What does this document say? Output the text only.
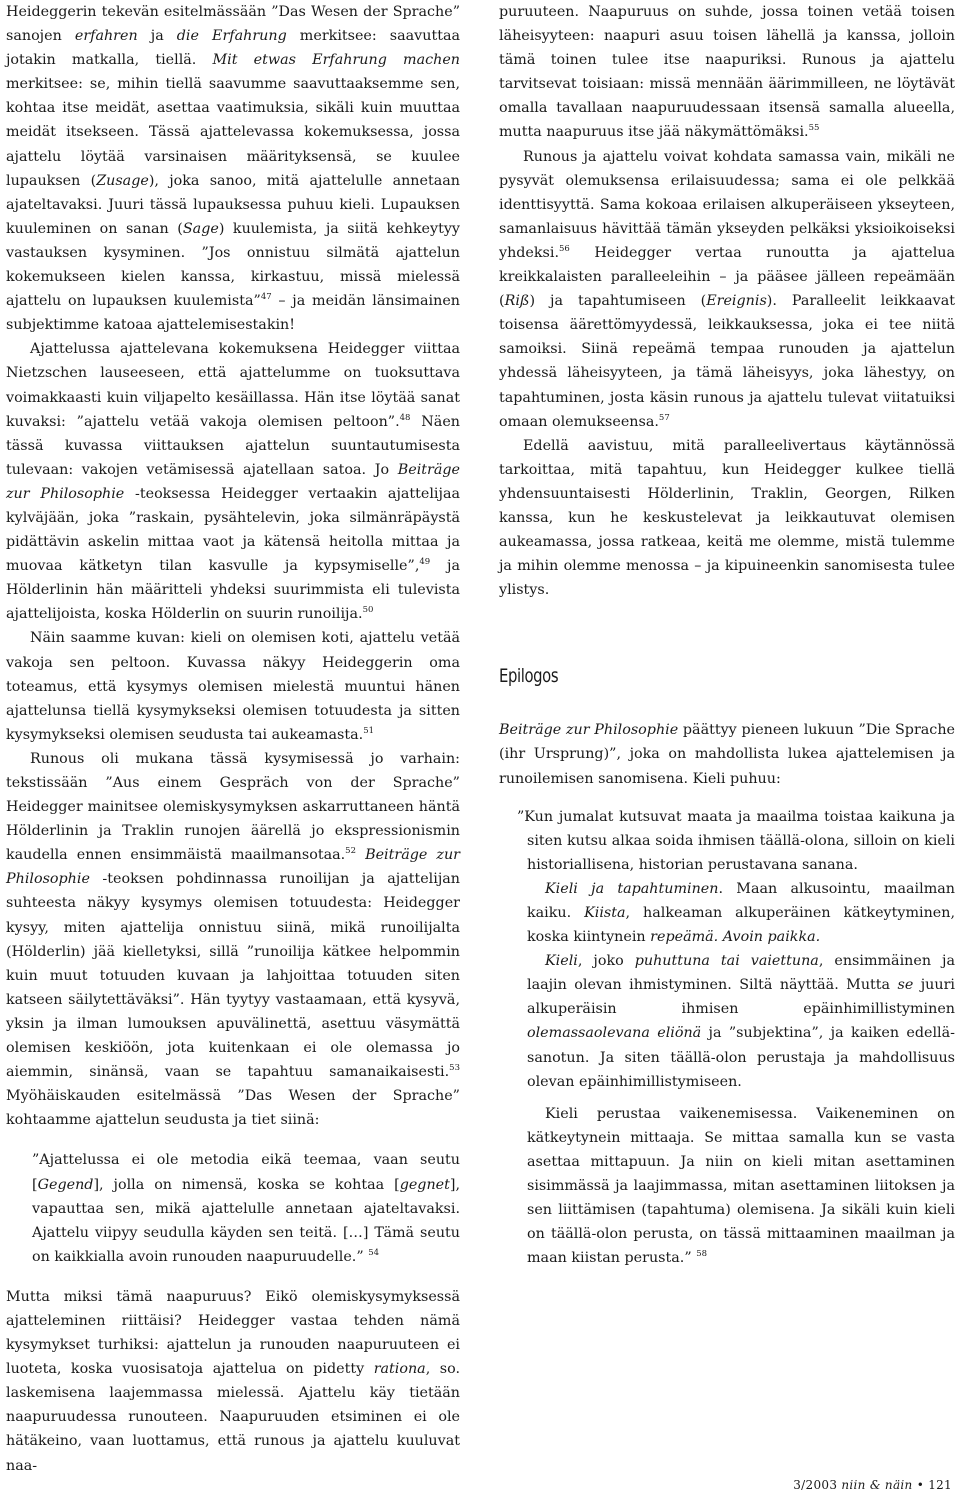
Heideggerin tekevän esitelmässään ”Das Wesen der Sprache” sanojen erfahren ja die Erfahrung merkitsee: saavuttaa jotakin matkalla, tiellä. Mit etwas Erfahrung machen merkitsee: se, mihin tiellä saavumme saavuttaaksemme sen, kohtaa itse meidät, asettaa vaatimuksia, sikäli kuin muuttaa meidät itsekseen. Tässä ajattelevassa kokemuksessa, jossa ajattelu löytää varsinaisen määrityksensä, se kuulee lupauksen (Zusage), joka sanoo, mitä ajattelulle annetaan ajateltavaksi. Juuri tässä lupauksessa puhuu kieli. Lupauksen kuuleminen on sanan (Sage) kuulemista, ja siitä kehkeytyy vastauksen kysyminen. ”Jos onnistuu silmätä ajattelun kokemukseen kielen kanssa, kirkastuu, missä mielessä ajattelu on lupauksen kuulemista”$^{47}$ – ja meidän länsimainen subjektimme katoaa ajattelemisestakin!

Ajattelussa ajattelevana kokemuksena Heidegger viittaa Nietzschen lauseeseen, että ajattelumme on tuoksuttava voimakkaasti kuin viljapelto kesäillassa. Hän itse löytää sanat kuvaksi: ”ajattelu vetää vakoja olemisen peltoon”.$^{48}$ Näen tässä kuvassa viittauksen ajattelun suuntautumisesta tulevaan: vakojen vetämisessä ajatellaan satoa. Jo Beiträge zur Philosophie -teoksessa Heidegger vertaakin ajattelijaa kylväjään, joka ”raskain, pysähtelevin, joka silmänräpäystä pidättävin askelin mittaa vaot ja kätensä heitolla mittaa ja muovaa kätketyn tilan kasvulle ja kypsymiselle”,$^{49}$ ja Hölderlinin hän määritteli yhdeksi suurimmista eli tulevista ajattelijoista, koska Hölderlin on suurin runoilija.$^{50}$

Näin saamme kuvan: kieli on olemisen koti, ajattelu vetää vakoja sen peltoon. Kuvassa näkyy Heideggerin oma toteamus, että kysymys olemisen mielestä muuntui hänen ajattelunsa tiellä kysymykseksi olemisen totuudesta ja sitten kysymykseksi olemisen seudusta tai aukeamasta.$^{51}$

Runous oli mukana tässä kysymisessä jo varhain: tekstissään ”Aus einem Gespräch von der Sprache” Heidegger mainitsee olemiskysymyksen askarruttaneen häntä Hölderlinin ja Traklin runojen äärellä jo ekspressionismin kaudella ennen ensimmäistä maailmansotaa.$^{52}$ Beiträge zur Philosophie -teoksen pohdinnassa runoilijan ja ajattelijan suhteesta näkyy kysymys olemisen totuudesta: Heidegger kysyy, miten ajattelija onnistuu siinä, mikä runoilijalta (Hölderlin) jää kielletyksi, sillä ”runoilija kätkee helpommin kuin muut totuuden kuvaan ja lahjoittaa totuuden siten katseen säilytettäväksi”. Hän tyytyy vastaamaan, että kysyvä, yksin ja ilman lumouksen apuvälinettä, asettuu väsymättä olemisen keskiöön, jota kuitenkaan ei ole olemassa jo aiemmin, sinänsä, vaan se tapahtuu samanaikaisesti.$^{53}$ Myöhäiskauden esitelmässä ”Das Wesen der Sprache” kohtaamme ajattelun seudusta ja tiet siinä:

”Ajattelussa ei ole metodia eikä teemaa, vaan seutu [Gegend], jolla on nimensä, koska se kohtaa [gegnet], vapauttaa sen, mikä ajattelulle annetaan ajateltavaksi. Ajattelu viipyy seudulla käyden sen teitä. […] Tämä seutu on kaikkialla avoin runouden naapuruudelle.” $^{54}$

Mutta miksi tämä naapuruus? Eikö olemiskysymyksessä ajatteleminen riittäisi? Heidegger vastaa tehden nämä kysymykset turhiksi: ajattelun ja runouden naapuruuteen ei luoteta, koska vuosisatoja ajattelua on pidetty rationa, so. laskemisena laajemmassa mielessä. Ajattelu käy tietään naapuruudessa runouteen. Naapuruuden etsiminen ei ole hätäkeino, vaan luottamus, että runous ja ajattelu kuuluvat naa-

puruuteen. Naapuruus on suhde, jossa toinen vetää toisen läheisyyteen: naapuri asuu toisen lähellä ja kanssa, jolloin tämä toinen tulee itse naapuriksi. Runous ja ajattelu tarvitsevat toisiaan: missä mennään äärimmilleen, ne löytävät omalla tavallaan naapuruudessaan itsensä samalla alueella, mutta naapuruus itse jää näkymättömäksi.$^{55}$

Runous ja ajattelu voivat kohdata samassa vain, mikäli ne pysyvät olemuksensa erilaisuudessa; sama ei ole pelkkää identtisyyttä. Sama kokoaa erilaisen alkuperäiseen ykseyteen, samanlaisuus hävittää tämän ykseyden pelkäksi yksioikoiseksi yhdeksi.$^{56}$ Heidegger vertaa runoutta ja ajattelua kreikkalaisten paralleeleihin – ja pääsee jälleen repeämään (Riß) ja tapahtumiseen (Ereignis). Paralleelit leikkaavat toisensa äärettömyydessä, leikkauksessa, joka ei tee niitä samoiksi. Siinä repeämä tempaa runouden ja ajattelun yhdessä läheisyyteen, ja tämä läheisyys, joka lähestyy, on tapahtuminen, josta käsin runous ja ajattelu tulevat viitatuiksi omaan olemukseensa.$^{57}$

Edellä aavistuu, mitä paralleelivertaus käytännössä tarkoittaa, mitä tapahtuu, kun Heidegger kulkee tiellä yhdensuuntaisesti Hölderlinin, Traklin, Georgen, Rilken kanssa, kun he keskustelevat ja leikkautuvat olemisen aukeamassa, jossa ratkeaa, keitä me olemme, mistä tulemme ja mihin olemme menossa – ja kipuineenkin sanomisesta tulee ylistys.

Epilogos

Beiträge zur Philosophie päättyy pieneen lukuun ”Die Sprache (ihr Ursprung)”, joka on mahdollista lukea ajattelemisen ja runoilemisen sanomisena. Kieli puhuu:

”Kun jumalat kutsuvat maata ja maailma toistaa kaikuna ja siten kutsu alkaa soida ihmisen täällä-olona, silloin on kieli historiallisena, historian perustavana sanana.

Kieli ja tapahtuminen. Maan alkusointu, maailman kaiku. Kiista, halkeaman alkuperäinen kätkeytyminen, koska kiintynein repeämä. Avoin paikka.

Kieli, joko puhuttuna tai vaiettuna, ensimmäinen ja laajin olevan ihmistyminen. Siltä näyttää. Mutta se juuri alkuperäisin ihmisen epäinhimillistyminen olemassaolevana eliönä ja ”subjektina”, ja kaiken edelläsanotun. Ja siten täällä-olon perustaja ja mahdollisuus olevan epäinhimillistymiseen.

Kieli perustaa vaikenemisessa. Vaikeneminen on kätkeytynein mittaaja. Se mittaa samalla kun se vasta asettaa mittapuun. Ja niin on kieli mitan asettaminen sisimmässä ja laajimmassa, mitan asettaminen liitoksen ja sen liittämisen (tapahtuma) olemisena. Ja sikäli kuin kieli on täällä-olon perusta, on tässä mittaaminen maailman ja maan kiistan perusta.” $^{58}$

3/2003 niin & näin • 121
